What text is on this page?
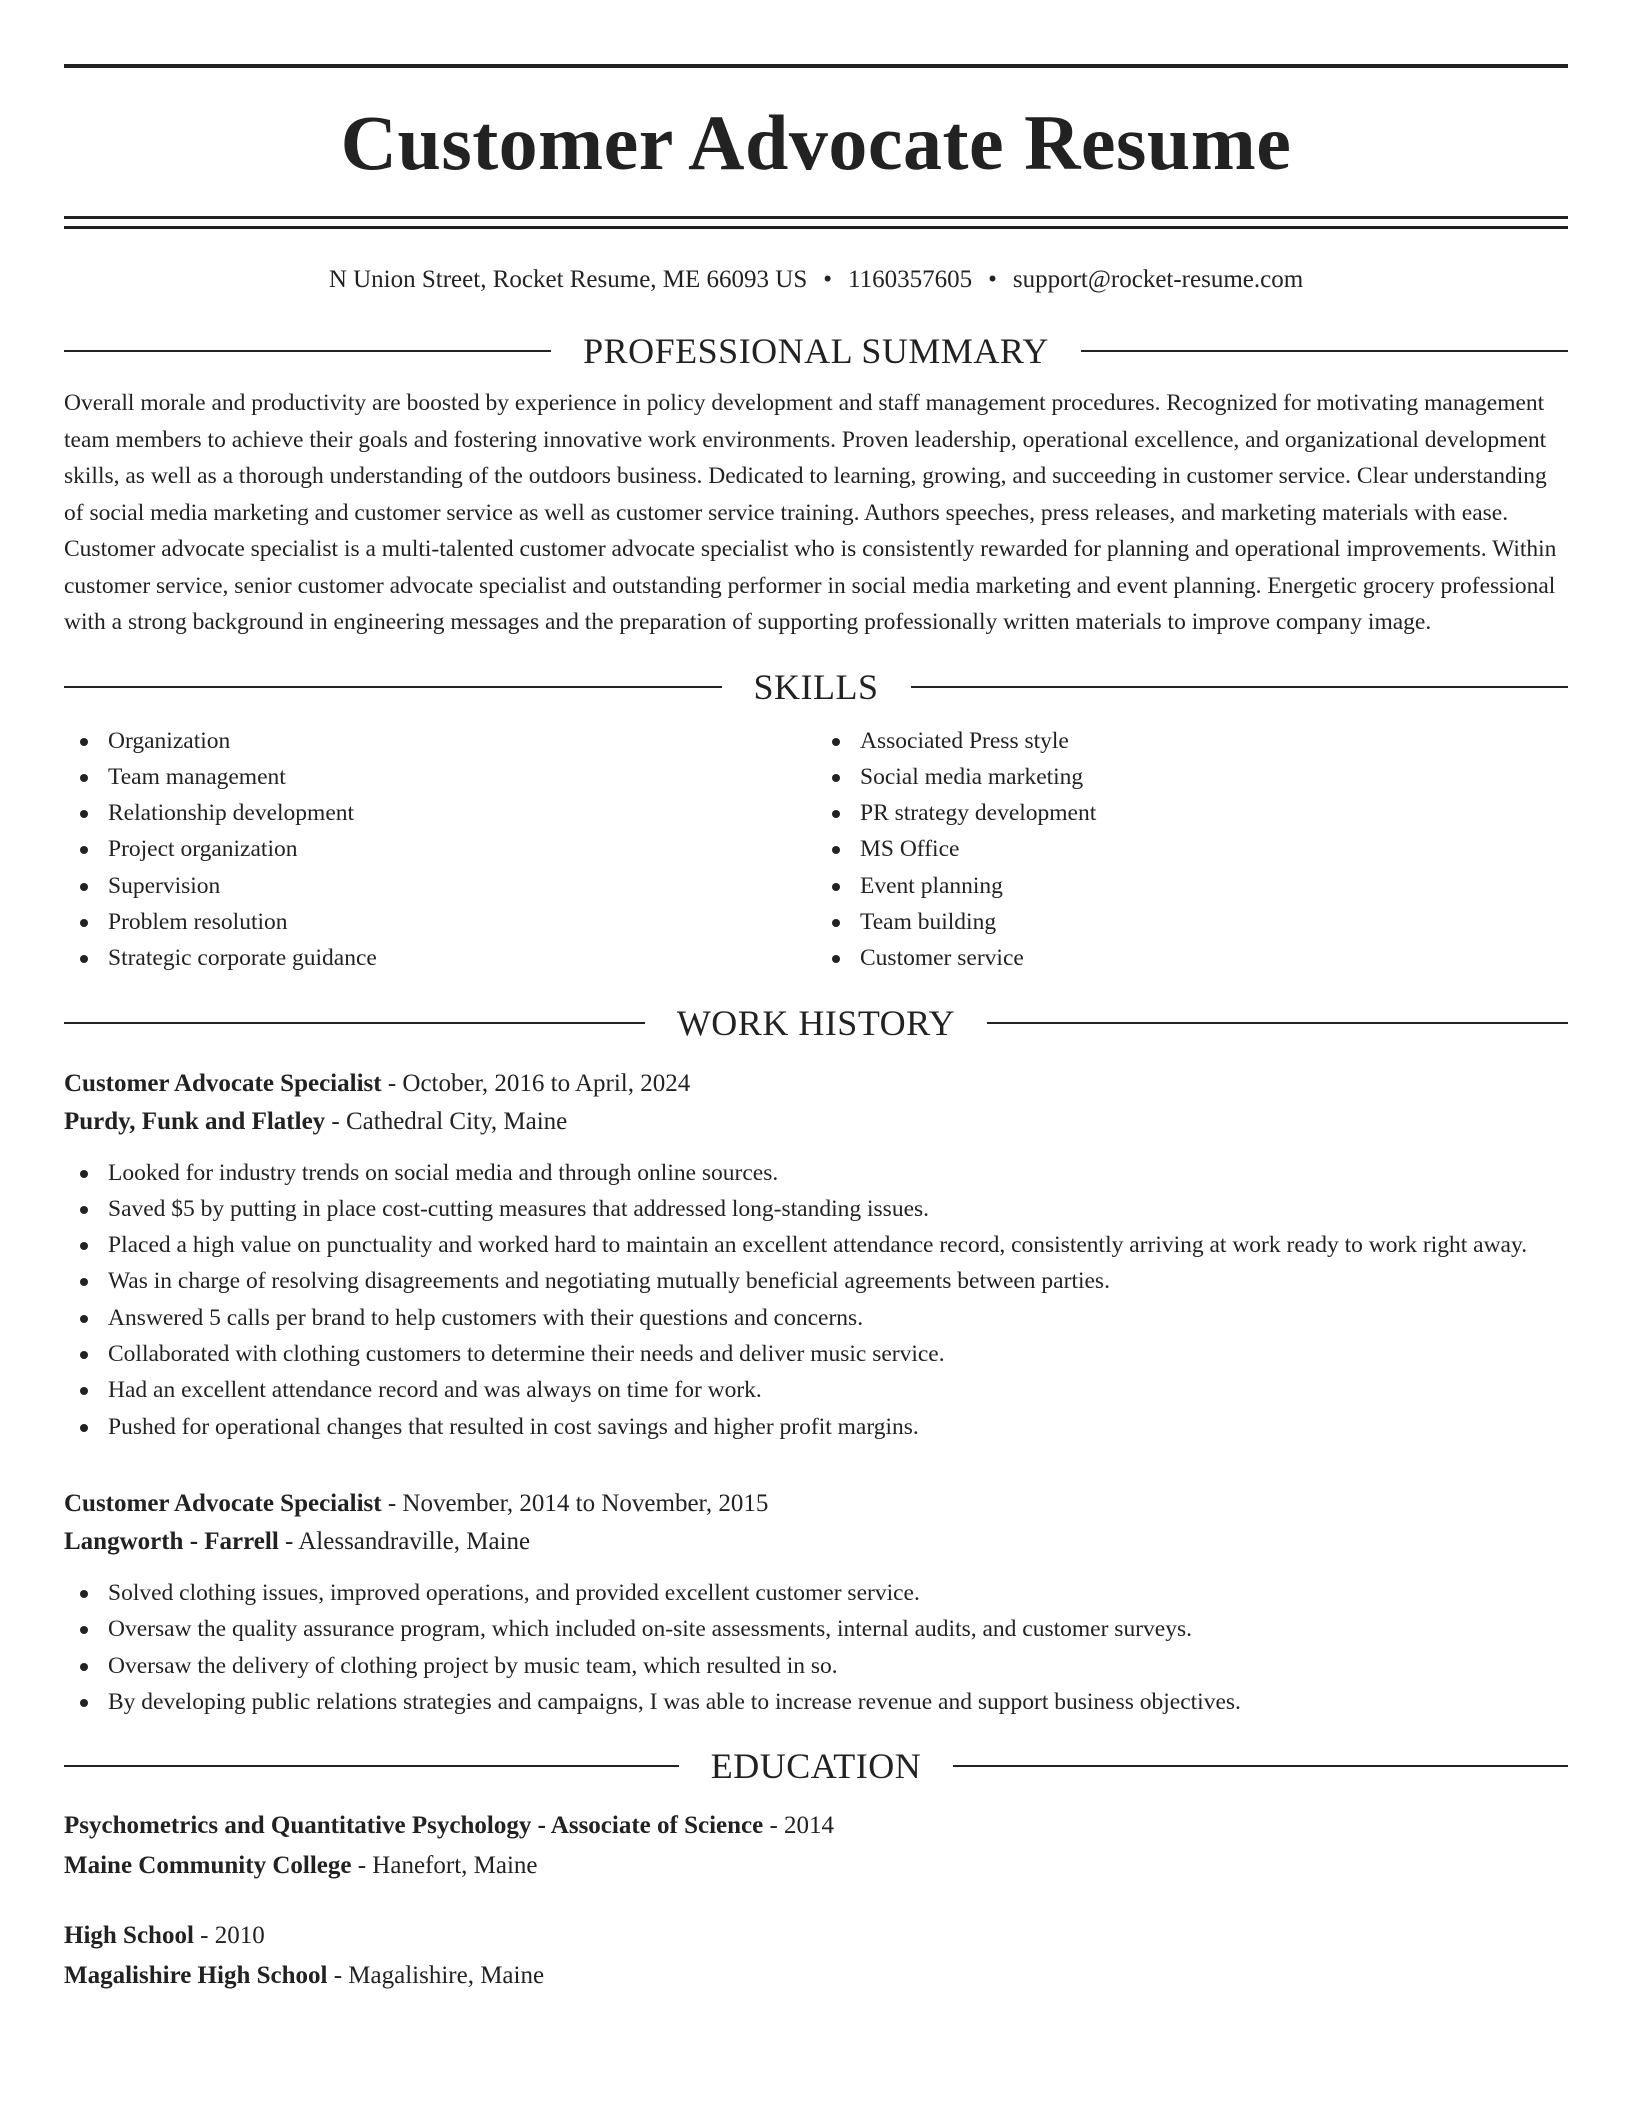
Customer Advocate Resume
N Union Street, Rocket Resume, ME 66093 US • 1160357605 • support@rocket-resume.com
PROFESSIONAL SUMMARY

Overall morale and productivity are boosted by experience in policy development and staff management procedures. Recognized for motivating management team members to achieve their goals and fostering innovative work environments. Proven leadership, operational excellence, and organizational development skills, as well as a thorough understanding of the outdoors business. Dedicated to learning, growing, and succeeding in customer service. Clear understanding of social media marketing and customer service as well as customer service training. Authors speeches, press releases, and marketing materials with ease. Customer advocate specialist is a multi-talented customer advocate specialist who is consistently rewarded for planning and operational improvements. Within customer service, senior customer advocate specialist and outstanding performer in social media marketing and event planning. Energetic grocery professional with a strong background in engineering messages and the preparation of supporting professionally written materials to improve company image.

SKILLS
Organization
Team management
Relationship development
Project organization
Supervision
Problem resolution
Strategic corporate guidance
Associated Press style
Social media marketing
PR strategy development
MS Office
Event planning
Team building
Customer service
WORK HISTORY
Customer Advocate Specialist - October, 2016 to April, 2024
Purdy, Funk and Flatley - Cathedral City, Maine
Looked for industry trends on social media and through online sources.
Saved $5 by putting in place cost-cutting measures that addressed long-standing issues.
Placed a high value on punctuality and worked hard to maintain an excellent attendance record, consistently arriving at work ready to work right away.
Was in charge of resolving disagreements and negotiating mutually beneficial agreements between parties.
Answered 5 calls per brand to help customers with their questions and concerns.
Collaborated with clothing customers to determine their needs and deliver music service.
Had an excellent attendance record and was always on time for work.
Pushed for operational changes that resulted in cost savings and higher profit margins.
Customer Advocate Specialist - November, 2014 to November, 2015
Langworth - Farrell - Alessandraville, Maine
Solved clothing issues, improved operations, and provided excellent customer service.
Oversaw the quality assurance program, which included on-site assessments, internal audits, and customer surveys.
Oversaw the delivery of clothing project by music team, which resulted in so.
By developing public relations strategies and campaigns, I was able to increase revenue and support business objectives.
EDUCATION
Psychometrics and Quantitative Psychology - Associate of Science - 2014
Maine Community College - Hanefort, Maine
High School - 2010
Magalishire High School - Magalishire, Maine
